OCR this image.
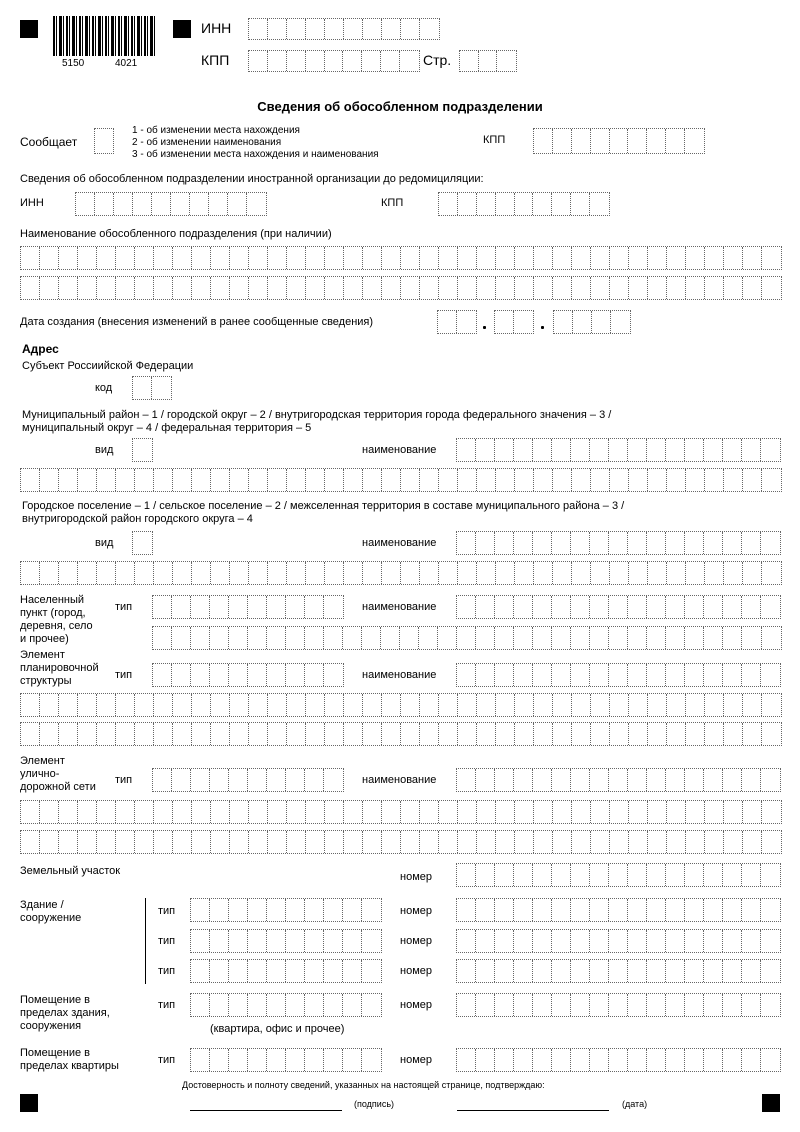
5150	4021
ИНН
КПП	Стр.
Сведения об обособленном подразделении
Сообщает
1 - об изменении места нахождения
2 - об изменении наименования
3 - об изменении места нахождения и наименования
КПП
Сведения об обособленном подразделении иностранной организации до редомициляции:
ИНН	КПП
Наименование обособленного подразделения (при наличии)
Дата создания (внесения изменений в ранее сообщенные сведения)
Адрес
Субъект Россиийской Федерации
код
Муниципальный район – 1 / городской округ – 2 / внутригородская территория города федерального значения – 3 /
муниципальный округ – 4 / федеральная территория – 5
вид	наименование
Городское поселение – 1 / сельское поселение – 2 / межселенная территория в составе муниципального района – 3 /
внутригородской район городского округа – 4
вид	наименование
Населенный
пункт (город,
деревня, село
и прочее)
тип	наименование
Элемент
планировочной
структуры	тип	наименование
Элемент
улично-
дорожной сети
тип	наименование
Земельный участок	номер
Здание /
сооружение
тип	номер
тип	номер
тип	номер
Помещение в
пределах здания,
сооружения
тип	номер
(квартира, офис и прочее)
Помещение в
пределах квартиры	тип	номер
Достоверность и полноту сведений, указанных на настоящей странице, подтверждаю:
(подпись)	(дата)
